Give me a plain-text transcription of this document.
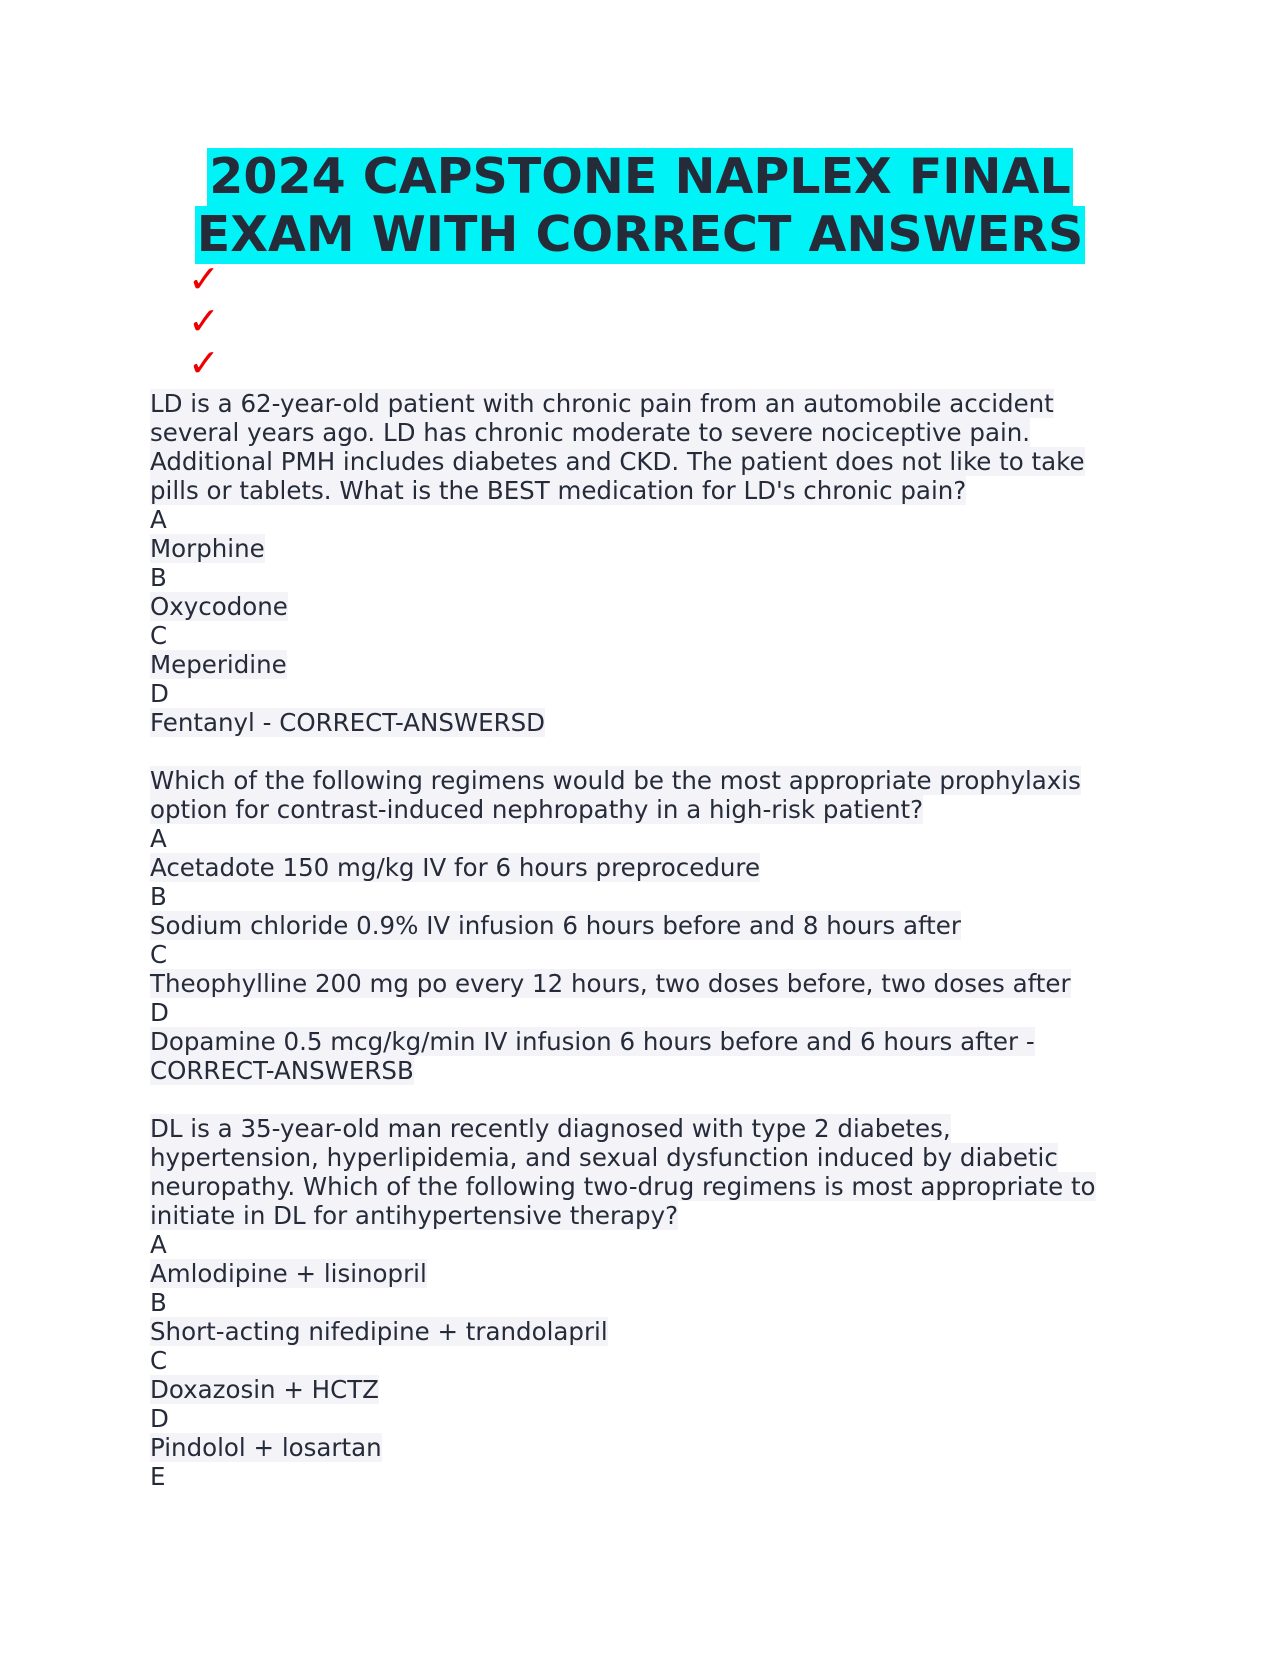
2024 CAPSTONE NAPLEX FINAL
EXAM WITH CORRECT ANSWERS
✓
✓
✓

LD is a 62-year-old patient with chronic pain from an automobile accident
several years ago. LD has chronic moderate to severe nociceptive pain.
Additional PMH includes diabetes and CKD. The patient does not like to take
pills or tablets. What is the BEST medication for LD's chronic pain?

A
Morphine
B
Oxycodone
C
Meperidine
D
Fentanyl - CORRECT-ANSWERSD

Which of the following regimens would be the most appropriate prophylaxis
option for contrast-induced nephropathy in a high-risk patient?

A
Acetadote 150 mg/kg IV for 6 hours preprocedure
B
Sodium chloride 0.9% IV infusion 6 hours before and 8 hours after
C
Theophylline 200 mg po every 12 hours, two doses before, two doses after
D
Dopamine 0.5 mcg/kg/min IV infusion 6 hours before and 6 hours after -
CORRECT-ANSWERSB

DL is a 35-year-old man recently diagnosed with type 2 diabetes,
hypertension, hyperlipidemia, and sexual dysfunction induced by diabetic
neuropathy. Which of the following two-drug regimens is most appropriate to
initiate in DL for antihypertensive therapy?

A
Amlodipine + lisinopril
B
Short-acting nifedipine + trandolapril
C
Doxazosin + HCTZ
D
Pindolol + losartan
E
